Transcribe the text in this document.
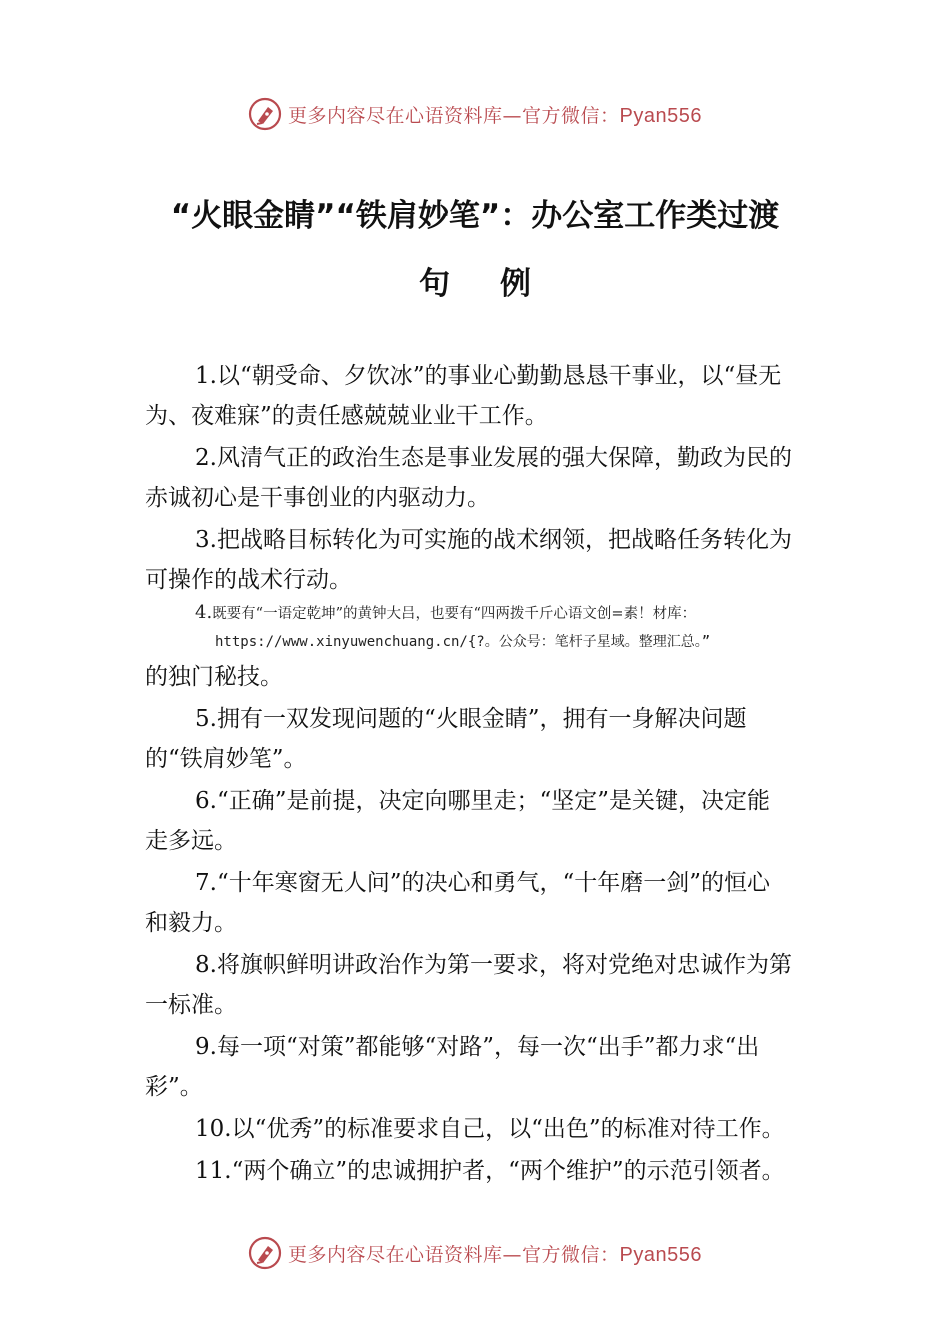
更多内容尽在心语资料库—官方微信：Pyan556
“火眼金睛”“铁肩妙笔”：办公室工作类过渡
句例

1.以“朝受命、夕饮冰”的事业心勤勤恳恳干事业，以“昼无为、夜难寐”的责任感兢兢业业干工作。

2.风清气正的政治生态是事业发展的强大保障，勤政为民的赤诚初心是干事创业的内驱动力。

3.把战略目标转化为可实施的战术纲领，把战略任务转化为可操作的战术行动。

4.既要有“一语定乾坤”的黄钟大吕，也要有“四两拨千斤心语文创=素！材库：
https://www.xinyuwenchuang.cn/{?。公众号：笔杆子星域。整理汇总。”
的独门秘技。

5.拥有一双发现问题的“火眼金睛”，拥有一身解决问题的“铁肩妙笔”。

6.“正确”是前提，决定向哪里走；“坚定”是关键，决定能走多远。

7.“十年寒窗无人问”的决心和勇气，“十年磨一剑”的恒心和毅力。

8.将旗帜鲜明讲政治作为第一要求，将对党绝对忠诚作为第一标准。

9.每一项“对策”都能够“对路”，每一次“出手”都力求“出彩”。

10.以“优秀”的标准要求自己，以“出色”的标准对待工作。

11.“两个确立”的忠诚拥护者，“两个维护”的示范引领者。

更多内容尽在心语资料库—官方微信：Pyan556
